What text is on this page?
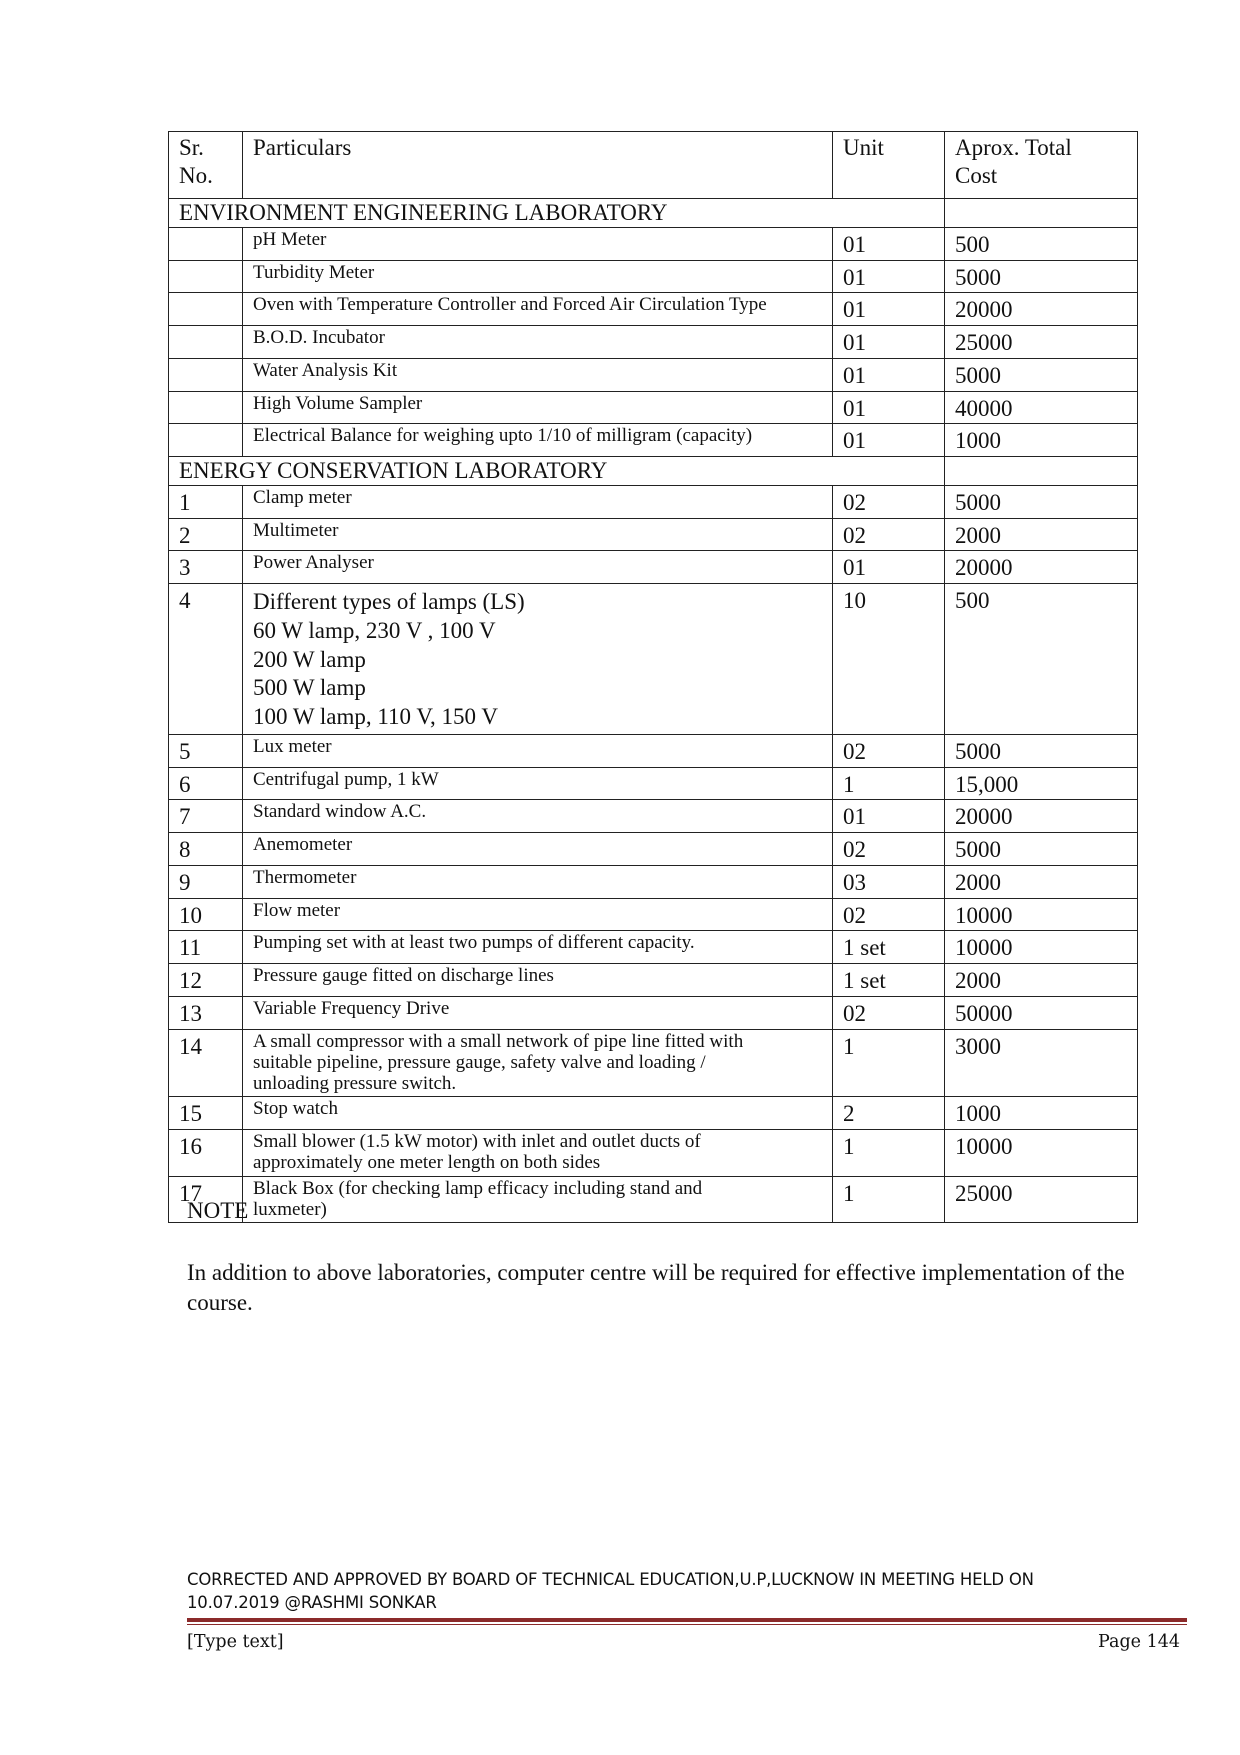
Sr.
No.	Particulars	Unit	Aprox. Total
Cost

ENVIRONMENT ENGINEERING LABORATORY			

	pH Meter	01	500

	Turbidity Meter	01	5000

	Oven with Temperature Controller and Forced Air Circulation Type	01	20000

	B.O.D. Incubator	01	25000

	Water Analysis Kit	01	5000

	High Volume Sampler	01	40000

	Electrical Balance for weighing upto 1/10 of milligram (capacity)	01	1000
ENERGY CONSERVATION LABORATORY			
1	Clamp meter	02	5000
2	Multimeter	02	2000
3	Power Analyser	01	20000
4	Different types of lamps (LS)
60 W lamp, 230 V , 100 V
200 W lamp
500 W lamp
100 W lamp, 110 V, 150 V	10	500
5	Lux meter	02	5000
6	Centrifugal pump, 1 kW	1	15,000
7	Standard window A.C.	01	20000
8	Anemometer	02	5000
9	Thermometer	03	2000
10	Flow meter	02	10000
11	Pumping set with at least two pumps of different capacity.	1 set	10000
12	Pressure gauge fitted on discharge lines	1 set	2000
13	Variable Frequency Drive	02	50000
14	A small compressor with a small network of pipe line fitted with
suitable pipeline, pressure gauge, safety valve and loading /
unloading pressure switch.	1	3000
15	Stop watch	2	1000
16	Small blower (1.5 kW motor) with inlet and outlet ducts of
approximately one meter length on both sides	1	10000
17	Black Box (for checking lamp efficacy including stand and
luxmeter)	1	25000
NOTE
In addition to above laboratories, computer centre will be required for effective implementation of the course.
CORRECTED AND APPROVED BY BOARD OF TECHNICAL EDUCATION,U.P,LUCKNOW IN MEETING HELD ON
10.07.2019 @RASHMI SONKAR
[Type text]	Page 144
